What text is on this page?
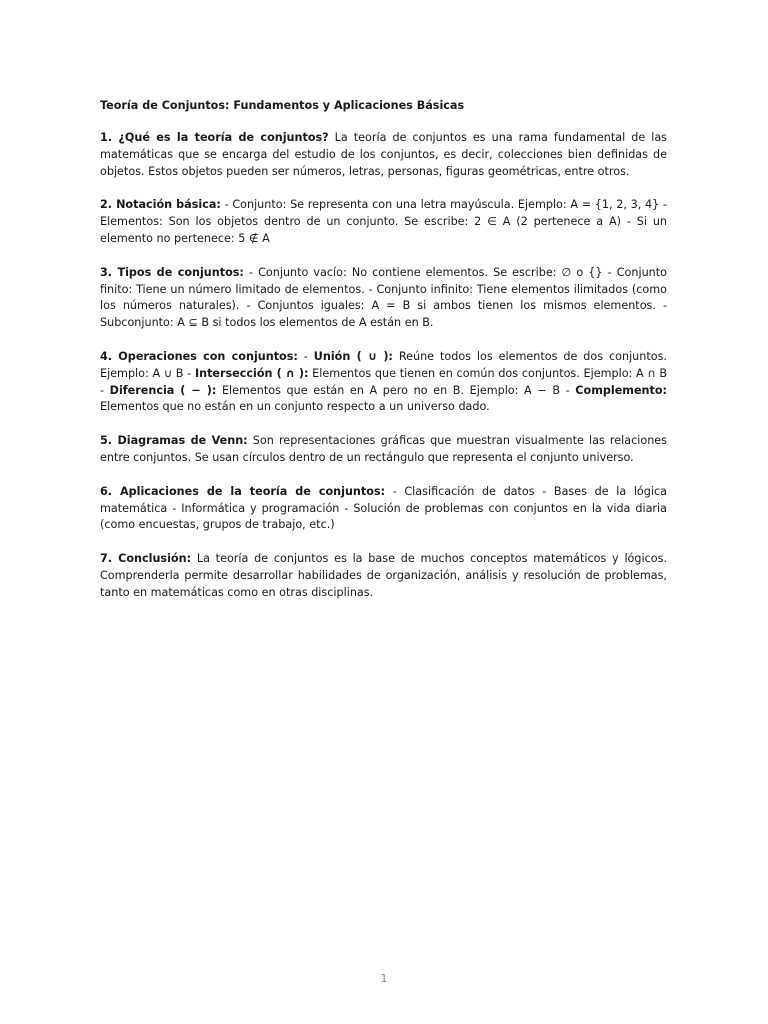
Teoría de Conjuntos: Fundamentos y Aplicaciones Básicas

1. ¿Qué es la teoría de conjuntos? La teoría de conjuntos es una rama fundamental de las matemáticas que se encarga del estudio de los conjuntos, es decir, colecciones bien definidas de objetos. Estos objetos pueden ser números, letras, personas, figuras geométricas, entre otros.

2. Notación básica: - Conjunto: Se representa con una letra mayúscula. Ejemplo: A = {1, 2, 3, 4} - Elementos: Son los objetos dentro de un conjunto. Se escribe: 2 ∈ A (2 pertenece a A) - Si un elemento no pertenece: 5 ∉ A

3. Tipos de conjuntos: - Conjunto vacío: No contiene elementos. Se escribe: ∅ o {} - Conjunto finito: Tiene un número limitado de elementos. - Conjunto infinito: Tiene elementos ilimitados (como los números naturales). - Conjuntos iguales: A = B si ambos tienen los mismos elementos. - Subconjunto: A ⊆ B si todos los elementos de A están en B.

4. Operaciones con conjuntos: - Unión ( ∪ ): Reúne todos los elementos de dos conjuntos. Ejemplo: A ∪ B - Intersección ( ∩ ): Elementos que tienen en común dos conjuntos. Ejemplo: A ∩ B - Diferencia ( − ): Elementos que están en A pero no en B. Ejemplo: A − B - Complemento: Elementos que no están en un conjunto respecto a un universo dado.

5. Diagramas de Venn: Son representaciones gráficas que muestran visualmente las relaciones entre conjuntos. Se usan círculos dentro de un rectángulo que representa el conjunto universo.

6. Aplicaciones de la teoría de conjuntos: - Clasificación de datos - Bases de la lógica matemática - Informática y programación - Solución de problemas con conjuntos en la vida diaria (como encuestas, grupos de trabajo, etc.)

7. Conclusión: La teoría de conjuntos es la base de muchos conceptos matemáticos y lógicos. Comprenderla permite desarrollar habilidades de organización, análisis y resolución de problemas, tanto en matemáticas como en otras disciplinas.

1
